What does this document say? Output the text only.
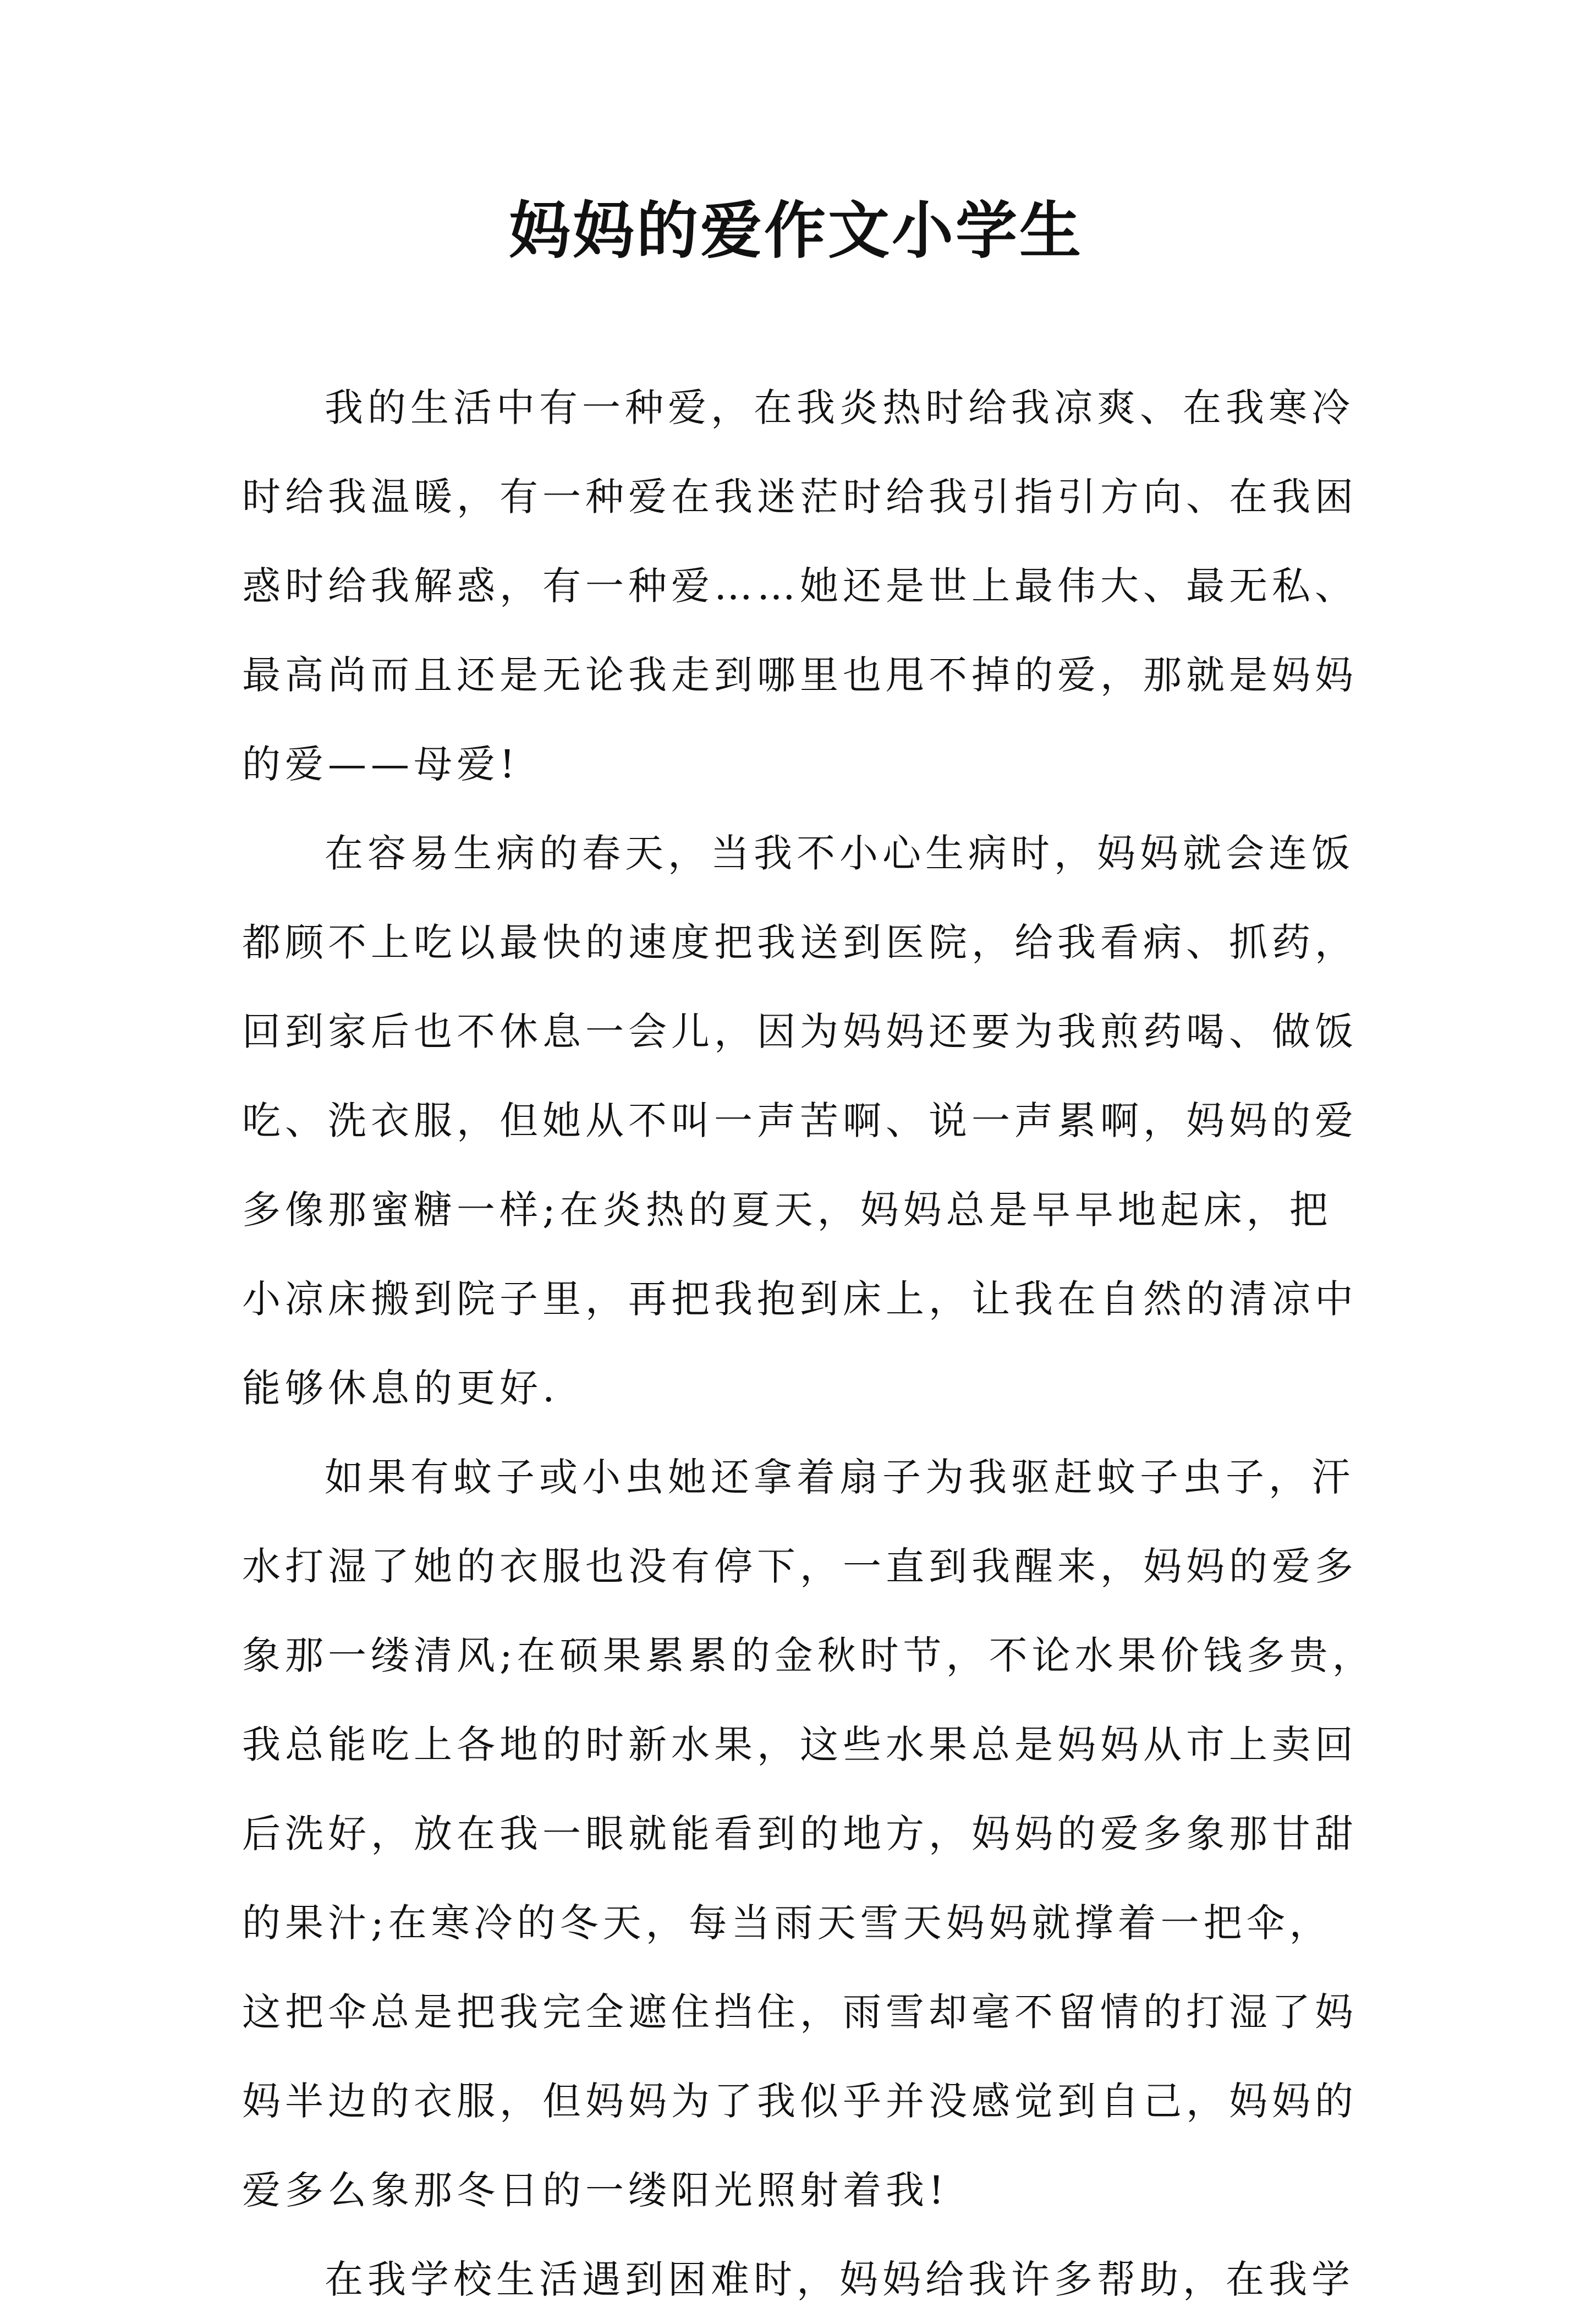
妈妈的爱作文小学生
我的生活中有一种爱，在我炎热时给我凉爽、在我寒冷
时给我温暖，有一种爱在我迷茫时给我引指引方向、在我困
惑时给我解惑，有一种爱……她还是世上最伟大、最无私、
最高尚而且还是无论我走到哪里也甩不掉的爱，那就是妈妈
的爱——母爱!
在容易生病的春天，当我不小心生病时，妈妈就会连饭
都顾不上吃以最快的速度把我送到医院，给我看病、抓药，
回到家后也不休息一会儿，因为妈妈还要为我煎药喝、做饭
吃、洗衣服，但她从不叫一声苦啊、说一声累啊，妈妈的爱
多像那蜜糖一样;在炎热的夏天，妈妈总是早早地起床，把
小凉床搬到院子里，再把我抱到床上，让我在自然的清凉中
能够休息的更好.
如果有蚊子或小虫她还拿着扇子为我驱赶蚊子虫子，汗
水打湿了她的衣服也没有停下，一直到我醒来，妈妈的爱多
象那一缕清风;在硕果累累的金秋时节，不论水果价钱多贵，
我总能吃上各地的时新水果，这些水果总是妈妈从市上卖回
后洗好，放在我一眼就能看到的地方，妈妈的爱多象那甘甜
的果汁;在寒冷的冬天，每当雨天雪天妈妈就撑着一把伞，
这把伞总是把我完全遮住挡住，雨雪却毫不留情的打湿了妈
妈半边的衣服，但妈妈为了我似乎并没感觉到自己，妈妈的
爱多么象那冬日的一缕阳光照射着我!
在我学校生活遇到困难时，妈妈给我许多帮助，在我学
